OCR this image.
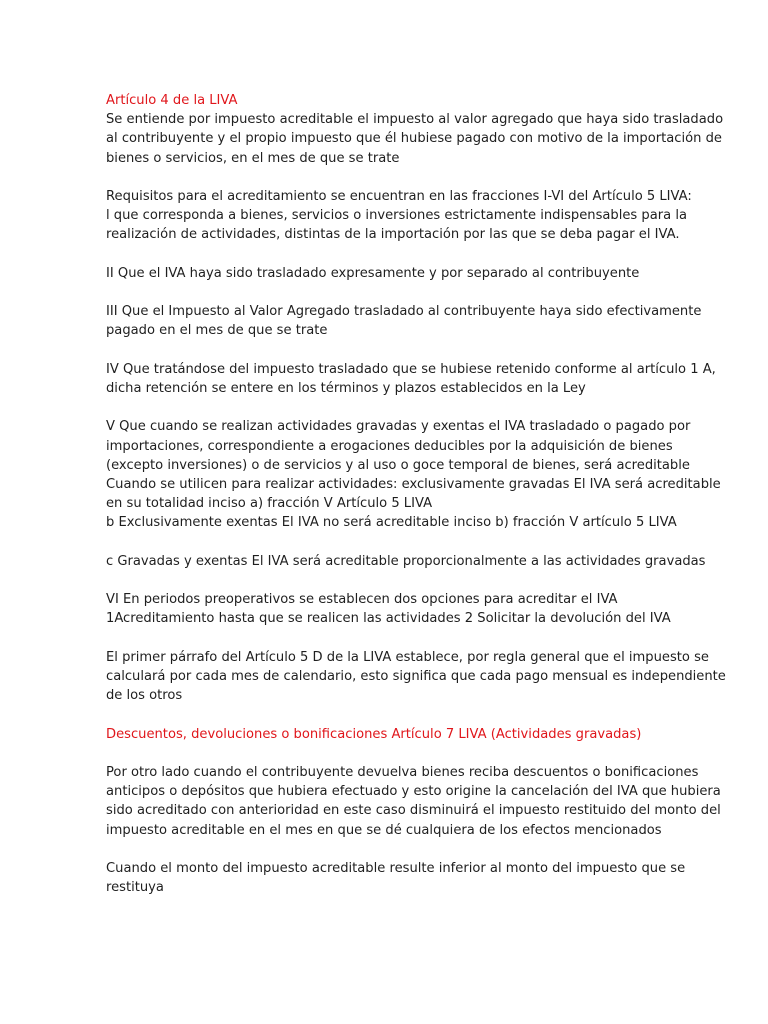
Artículo 4 de la LIVA
Se entiende por impuesto acreditable el impuesto al valor agregado que haya sido trasladado
al contribuyente y el propio impuesto que él hubiese pagado con motivo de la importación de
bienes o servicios, en el mes de que se trate
Requisitos para el acreditamiento se encuentran en las fracciones I-VI del Artículo 5 LIVA:
l que corresponda a bienes, servicios o inversiones estrictamente indispensables para la
realización de actividades, distintas de la importación por las que se deba pagar el IVA.
II Que el IVA haya sido trasladado expresamente y por separado al contribuyente
III Que el Impuesto al Valor Agregado trasladado al contribuyente haya sido efectivamente
pagado en el mes de que se trate
IV Que tratándose del impuesto trasladado que se hubiese retenido conforme al artículo 1 A,
dicha retención se entere en los términos y plazos establecidos en la Ley
V Que cuando se realizan actividades gravadas y exentas el IVA trasladado o pagado por
importaciones, correspondiente a erogaciones deducibles por la adquisición de bienes
(excepto inversiones) o de servicios y al uso o goce temporal de bienes, será acreditable
Cuando se utilicen para realizar actividades: exclusivamente gravadas El IVA será acreditable
en su totalidad inciso a) fracción V Artículo 5 LIVA
b Exclusivamente exentas El IVA no será acreditable inciso b) fracción V artículo 5 LIVA
c Gravadas y exentas El IVA será acreditable proporcionalmente a las actividades gravadas
VI En periodos preoperativos se establecen dos opciones para acreditar el IVA
1Acreditamiento hasta que se realicen las actividades 2 Solicitar la devolución del IVA
El primer párrafo del Artículo 5 D de la LIVA establece, por regla general que el impuesto se
calculará por cada mes de calendario, esto significa que cada pago mensual es independiente
de los otros
Descuentos, devoluciones o bonificaciones Artículo 7 LIVA (Actividades gravadas)
Por otro lado cuando el contribuyente devuelva bienes reciba descuentos o bonificaciones
anticipos o depósitos que hubiera efectuado y esto origine la cancelación del IVA que hubiera
sido acreditado con anterioridad en este caso disminuirá el impuesto restituido del monto del
impuesto acreditable en el mes en que se dé cualquiera de los efectos mencionados
Cuando el monto del impuesto acreditable resulte inferior al monto del impuesto que se
restituya
